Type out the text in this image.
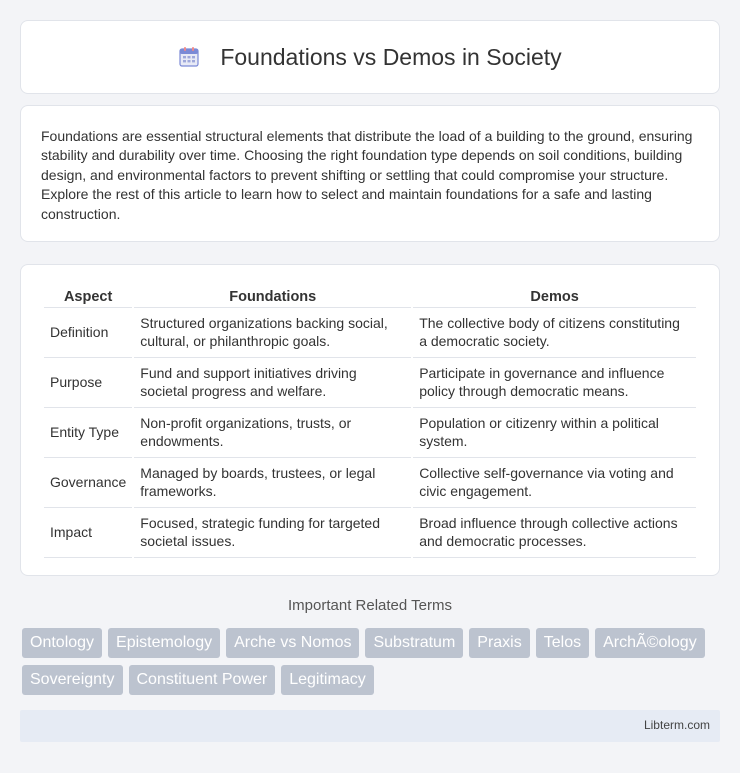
Foundations vs Demos in Society

Foundations are essential structural elements that distribute the load of a building to the ground, ensuring stability and durability over time. Choosing the right foundation type depends on soil conditions, building design, and environmental factors to prevent shifting or settling that could compromise your structure. Explore the rest of this article to learn how to select and maintain foundations for a safe and lasting construction.

Aspect	Foundations	Demos
Definition	Structured organizations backing social, cultural, or philanthropic goals.	The collective body of citizens constituting a democratic society.
Purpose	Fund and support initiatives driving societal progress and welfare.	Participate in governance and influence policy through democratic means.
Entity Type	Non-profit organizations, trusts, or endowments.	Population or citizenry within a political system.
Governance	Managed by boards, trustees, or legal frameworks.	Collective self-governance via voting and civic engagement.
Impact	Focused, strategic funding for targeted societal issues.	Broad influence through collective actions and democratic processes.
Important Related Terms
Ontology	Epistemology	Arche vs Nomos	Substratum	Praxis	Telos	ArchÃ©ology
Sovereignty	Constituent Power	Legitimacy
Libterm.com
